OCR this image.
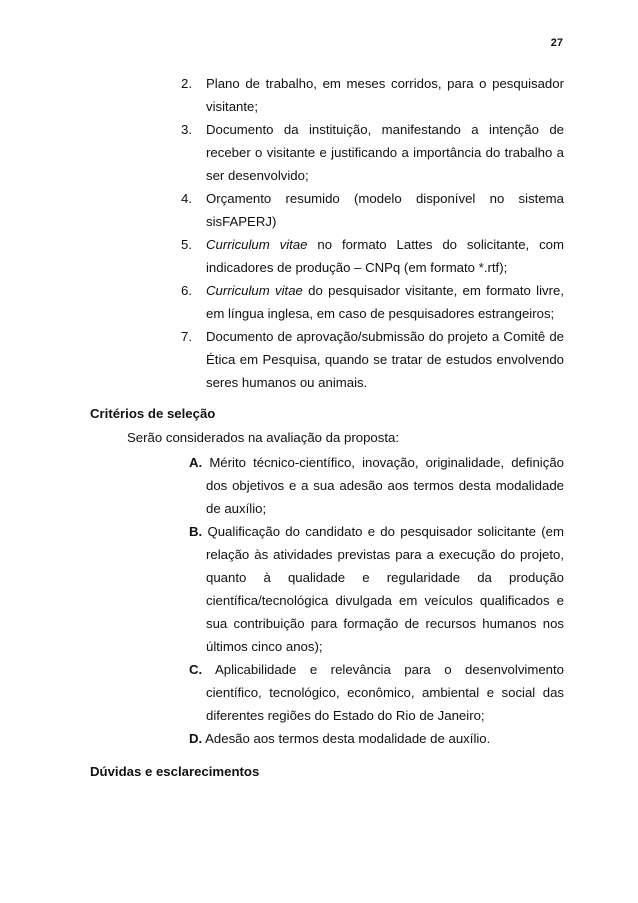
27
2.	Plano de trabalho, em meses corridos, para o pesquisador visitante;
3.	Documento da instituição, manifestando a intenção de receber o visitante e justificando a importância do trabalho a ser desenvolvido;
4.	Orçamento resumido (modelo disponível no sistema sisFAPERJ)
5.	Curriculum vitae no formato Lattes do solicitante, com indicadores de produção – CNPq (em formato *.rtf);
6.	Curriculum vitae do pesquisador visitante, em formato livre, em língua inglesa, em caso de pesquisadores estrangeiros;
7.	Documento de aprovação/submissão do projeto a Comitê de Ética em Pesquisa, quando se tratar de estudos envolvendo seres humanos ou animais.
Critérios de seleção
Serão considerados na avaliação da proposta:
A. Mérito técnico-científico, inovação, originalidade, definição dos objetivos e a sua adesão aos termos desta modalidade de auxílio;
B. Qualificação do candidato e do pesquisador solicitante (em relação às atividades previstas para a execução do projeto, quanto à qualidade e regularidade da produção científica/tecnológica divulgada em veículos qualificados e sua contribuição para formação de recursos humanos nos últimos cinco anos);
C. Aplicabilidade e relevância para o desenvolvimento científico, tecnológico, econômico, ambiental e social das diferentes regiões do Estado do Rio de Janeiro;
D. Adesão aos termos desta modalidade de auxílio.
Dúvidas e esclarecimentos
